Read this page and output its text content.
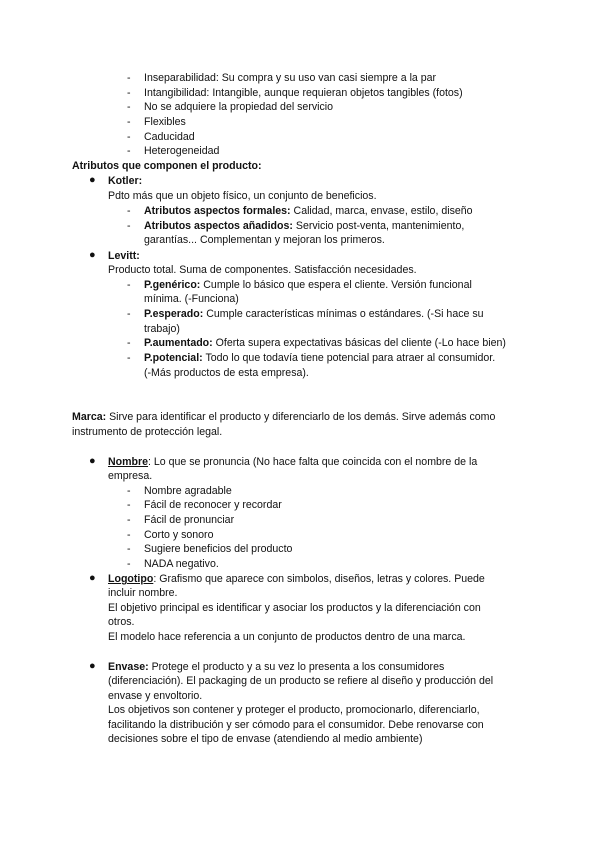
-	Inseparabilidad: Su compra y su uso van casi siempre a la par
-	Intangibilidad: Intangible, aunque requieran objetos tangibles (fotos)
-	No se adquiere la propiedad del servicio
-	Flexibles
-	Caducidad
-	Heterogeneidad
Atributos que componen el producto:
● Kotler:
Pdto más que un objeto físico, un conjunto de beneficios.
-	Atributos aspectos formales: Calidad, marca, envase, estilo, diseño
-	Atributos aspectos añadidos: Servicio post-venta, mantenimiento,
garantías... Complementan y mejoran los primeros.
● Levitt:
Producto total. Suma de componentes. Satisfacción necesidades.
-	P.genérico: Cumple lo básico que espera el cliente. Versión funcional
mínima. (-Funciona)
-	P.esperado: Cumple características mínimas o estándares. (-Si hace su
trabajo)
-	P.aumentado: Oferta supera expectativas básicas del cliente (-Lo hace bien)
-	P.potencial: Todo lo que todavía tiene potencial para atraer al consumidor.
(-Más productos de esta empresa).
Marca: Sirve para identificar el producto y diferenciarlo de los demás. Sirve además como
instrumento de protección legal.
● Nombre: Lo que se pronuncia (No hace falta que coincida con el nombre de la
empresa.
-	Nombre agradable
-	Fácil de reconocer y recordar
-	Fácil de pronunciar
-	Corto y sonoro
-	Sugiere beneficios del producto
-	NADA negativo.
● Logotipo: Grafismo que aparece con simbolos, diseños, letras y colores. Puede
incluir nombre.
El objetivo principal es identificar y asociar los productos y la diferenciación con
otros.
El modelo hace referencia a un conjunto de productos dentro de una marca.
● Envase: Protege el producto y a su vez lo presenta a los consumidores
(diferenciación). El packaging de un producto se refiere al diseño y producción del
envase y envoltorio.
Los objetivos son contener y proteger el producto, promocionarlo, diferenciarlo,
facilitando la distribución y ser cómodo para el consumidor. Debe renovarse con
decisiones sobre el tipo de envase (atendiendo al medio ambiente)
